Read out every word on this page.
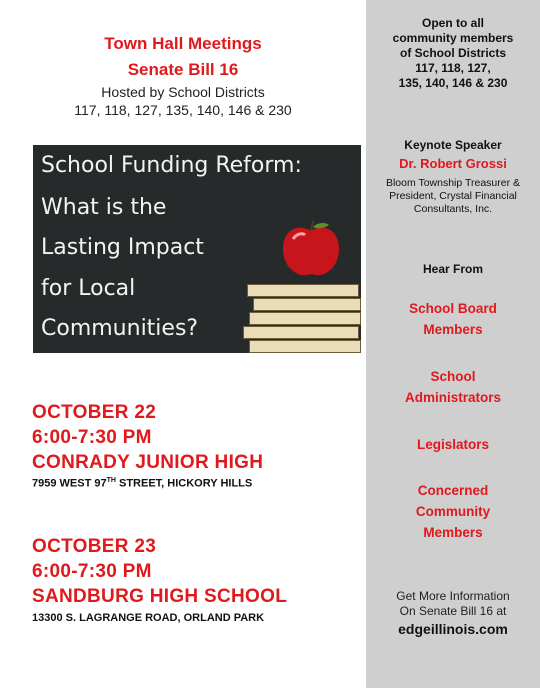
Town Hall Meetings
Senate Bill 16
Hosted by School Districts
117, 118, 127, 135, 140, 146 & 230
School Funding Reform:
What is the
Lasting Impact
for Local
Communities?
OCTOBER 22
6:00-7:30 PM
CONRADY JUNIOR HIGH
7959 WEST 97TH STREET, HICKORY HILLS
OCTOBER 23
6:00-7:30 PM
SANDBURG HIGH SCHOOL
13300 S. LAGRANGE ROAD, ORLAND PARK
Open to all
community members
of School Districts
117, 118, 127,
135, 140, 146 & 230
Keynote Speaker
Dr. Robert Grossi
Bloom Township Treasurer &
President, Crystal Financial
Consultants, Inc.
Hear From
School Board
Members
School
Administrators
Legislators
Concerned
Community
Members
Get More Information
On Senate Bill 16 at
edgeillinois.com
